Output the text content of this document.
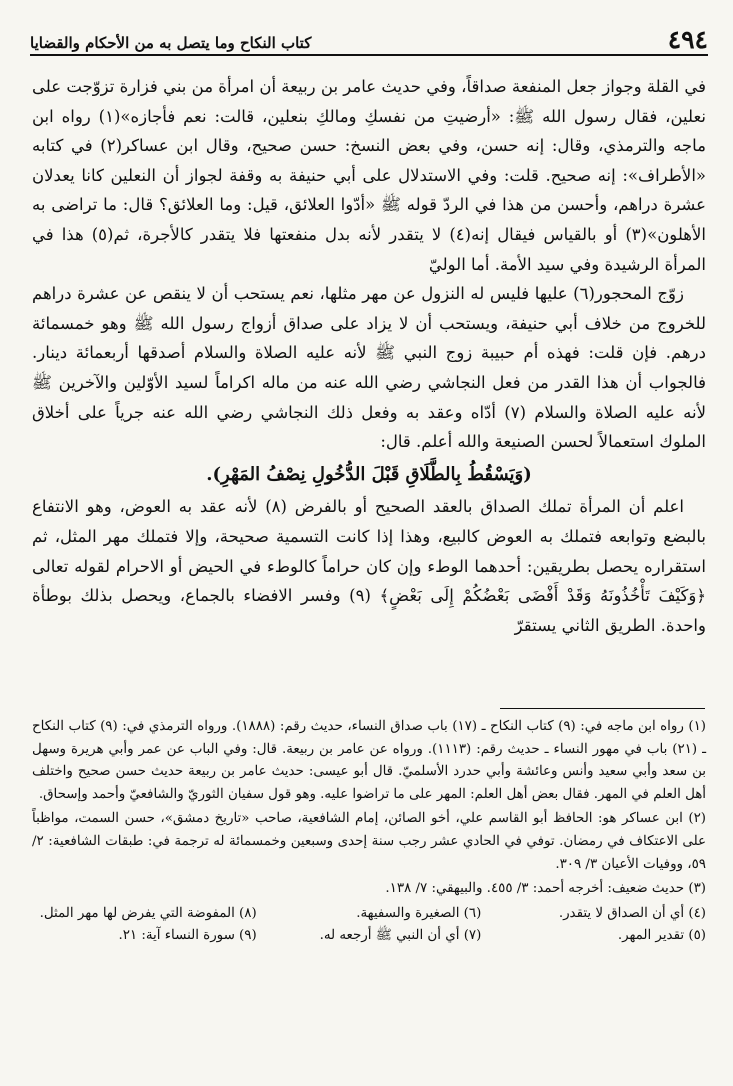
٤٩٤
كتاب النكاح وما يتصل به من الأحكام والقضايا

في القلة وجواز جعل المنفعة صداقاً، وفي حديث عامر بن ربيعة أن امرأة من بني فزارة تزوّجت على نعلين، فقال رسول الله ﷺ: «أرضيتِ من نفسكِ ومالكِ بنعلين، قالت: نعم فأجازه»(١) رواه ابن ماجه والترمذي، وقال: إنه حسن، وفي بعض النسخ: حسن صحيح، وقال ابن عساكر(٢) في كتابه «الأطراف»: إنه صحيح. قلت: وفي الاستدلال على أبي حنيفة به وقفة لجواز أن النعلين كانا يعدلان عشرة دراهم، وأحسن من هذا في الردّ قوله ﷺ «أدّوا العلائق، قيل: وما العلائق؟ قال: ما تراضى به الأهلون»(٣) أو بالقياس فيقال إنه(٤) لا يتقدر لأنه بدل منفعتها فلا يتقدر كالأجرة، ثم(٥) هذا في المرأة الرشيدة وفي سيد الأمة. أما الوليّ

زوّج المحجور(٦) عليها فليس له النزول عن مهر مثلها، نعم يستحب أن لا ينقص عن عشرة دراهم للخروج من خلاف أبي حنيفة، ويستحب أن لا يزاد على صداق أزواج رسول الله ﷺ وهو خمسمائة درهم. فإن قلت: فهذه أم حبيبة زوج النبي ﷺ لأنه عليه الصلاة والسلام أصدقها أربعمائة دينار. فالجواب أن هذا القدر من فعل النجاشي رضي الله عنه من ماله اكراماً لسيد الأوّلين والآخرين ﷺ لأنه عليه الصلاة والسلام (٧) أدّاه وعقد به وفعل ذلك النجاشي رضي الله عنه جرياً على أخلاق الملوك استعمالاً لحسن الصنيعة والله أعلم. قال:

(وَيَسْقُطُ بِالطَّلَاقِ قَبْلَ الدُّخُولِ نِصْفُ المَهْرِ).

اعلم أن المرأة تملك الصداق بالعقد الصحيح أو بالفرض (٨) لأنه عقد به العوض، وهو الانتفاع بالبضع وتوابعه فتملك به العوض كالبيع، وهذا إذا كانت التسمية صحيحة، وإلا فتملك مهر المثل، ثم استقراره يحصل بطريقين: أحدهما الوطء وإن كان حراماً كالوطء في الحيض أو الاحرام لقوله تعالى ﴿وَكَيْفَ تَأْخُذُونَهُ وَقَدْ أَفْضَى بَعْضُكُمْ إِلَى بَعْضٍ﴾ (٩) وفسر الافضاء بالجماع، ويحصل بذلك بوطأة واحدة. الطريق الثاني يستقرّ

(١) رواه ابن ماجه في: (٩) كتاب النكاح ـ (١٧) باب صداق النساء، حديث رقم: (١٨٨٨). ورواه الترمذي في: (٩) كتاب النكاح ـ (٢١) باب في مهور النساء ـ حديث رقم: (١١١٣). ورواه عن عامر بن ربيعة. قال: وفي الباب عن عمر وأبي هريرة وسهل بن سعد وأبي سعيد وأنس وعائشة وأبي حدرد الأسلميّ. قال أبو عيسى: حديث عامر بن ربيعة حديث حسن صحيح واختلف أهل العلم في المهر. فقال بعض أهل العلم: المهر على ما تراضوا عليه. وهو قول سفيان الثوريّ والشافعيّ وأحمد وإسحاق.

(٢) ابن عساكر هو: الحافظ أبو القاسم علي، أخو الصائن، إمام الشافعية، صاحب «تاريخ دمشق»، حسن السمت، مواظباً على الاعتكاف في رمضان. توفي في الحادي عشر رجب سنة إحدى وسبعين وخمسمائة له ترجمة في: طبقات الشافعية: ٢/ ٥٩، ووفيات الأعيان ٣/ ٣٠٩.

(٣) حديث ضعيف: أخرجه أحمد: ٣/ ٤٥٥. والبيهقي: ٧/ ١٣٨.

(٤) أي أن الصداق لا يتقدر.
(٦) الصغيرة والسفيهة.
(٨) المفوضة التي يفرض لها مهر المثل.
(٥) تقدير المهر.
(٧) أي أن النبي ﷺ أرجعه له.
(٩) سورة النساء آية: ٢١.
